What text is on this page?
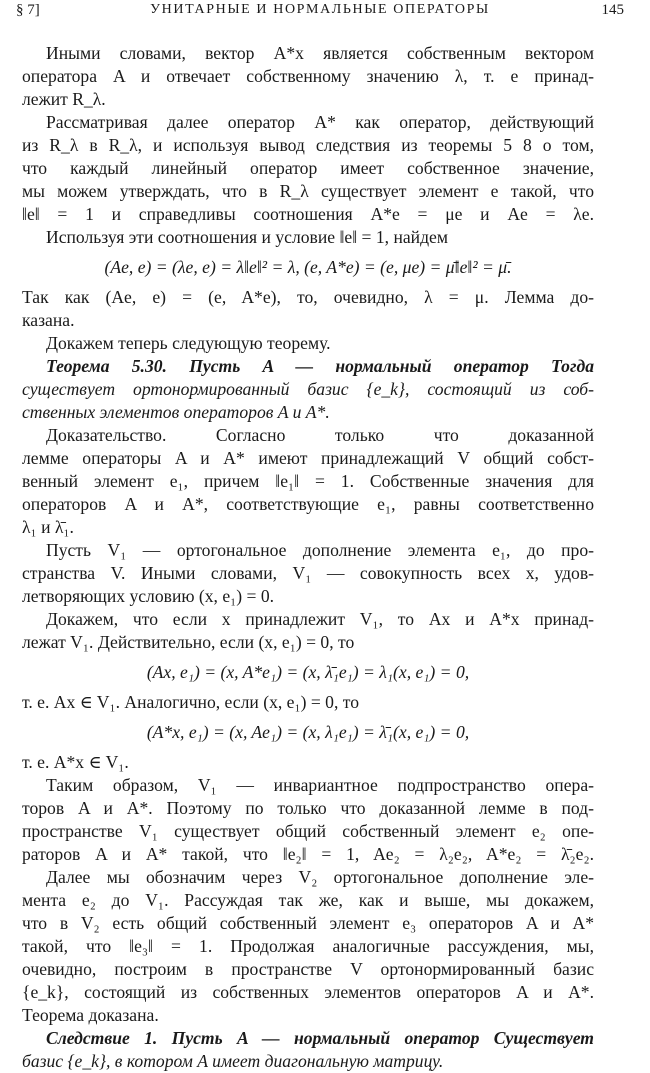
§ 7]	УНИТАРНЫЕ И НОРМАЛЬНЫЕ ОПЕРАТОРЫ	145
Иными словами, вектор A*x является собственным вектором
оператора A и отвечает собственному значению λ, т. е принад-
лежит R_λ.
Рассматривая далее оператор A* как оператор, действующий
из R_λ в R_λ, и используя вывод следствия из теоремы 5 8 о том,
что каждый линейный оператор имеет собственное значение,
мы можем утверждать, что в R_λ существует элемент e такой, что
‖e‖ = 1 и справедливы соотношения A*e = μe и Ae = λe.
Используя эти соотношения и условие ‖e‖ = 1, найдем
(Ae, e) = (λe, e) = λ‖e‖² = λ, (e, A*e) = (e, μe) = μ̄‖e‖² = μ̄.
Так как (Ae, e) = (e, A*e), то, очевидно, λ = μ. Лемма до-
казана.
Докажем теперь следующую теорему.
Теорема 5.30. Пусть A — нормальный оператор Тогда
существует ортонормированный базис {e_k}, состоящий из соб-
ственных элементов операторов A и A*.
Доказательство. Согласно только что доказанной
лемме операторы A и A* имеют принадлежащий V общий собст-
венный элемент e₁, причем ‖e₁‖ = 1. Собственные значения для
операторов A и A*, соответствующие e₁, равны соответственно
λ₁ и λ̄₁.
Пусть V₁ — ортогональное дополнение элемента e₁, до про-
странства V. Иными словами, V₁ — совокупность всех x, удов-
летворяющих условию (x, e₁) = 0.
Докажем, что если x принадлежит V₁, то Ax и A*x принад-
лежат V₁. Действительно, если (x, e₁) = 0, то
(Ax, e₁) = (x, A*e₁) = (x, λ̄₁e₁) = λ₁(x, e₁) = 0,
т. е. Ax ∈ V₁. Аналогично, если (x, e₁) = 0, то
(A*x, e₁) = (x, Ae₁) = (x, λ₁e₁) = λ̄₁(x, e₁) = 0,
т. е. A*x ∈ V₁.
Таким образом, V₁ — инвариантное подпространство опера-
торов A и A*. Поэтому по только что доказанной лемме в под-
пространстве V₁ существует общий собственный элемент e₂ опе-
раторов A и A* такой, что ‖e₂‖ = 1, Ae₂ = λ₂e₂, A*e₂ = λ̄₂e₂.
Далее мы обозначим через V₂ ортогональное дополнение эле-
мента e₂ до V₁. Рассуждая так же, как и выше, мы докажем,
что в V₂ есть общий собственный элемент e₃ операторов A и A*
такой, что ‖e₃‖ = 1. Продолжая аналогичные рассуждения, мы,
очевидно, построим в пространстве V ортонормированный базис
{e_k}, состоящий из собственных элементов операторов A и A*.
Теорема доказана.
Следствие 1. Пусть A — нормальный оператор Существует
базис {e_k}, в котором A имеет диагональную матрицу.
